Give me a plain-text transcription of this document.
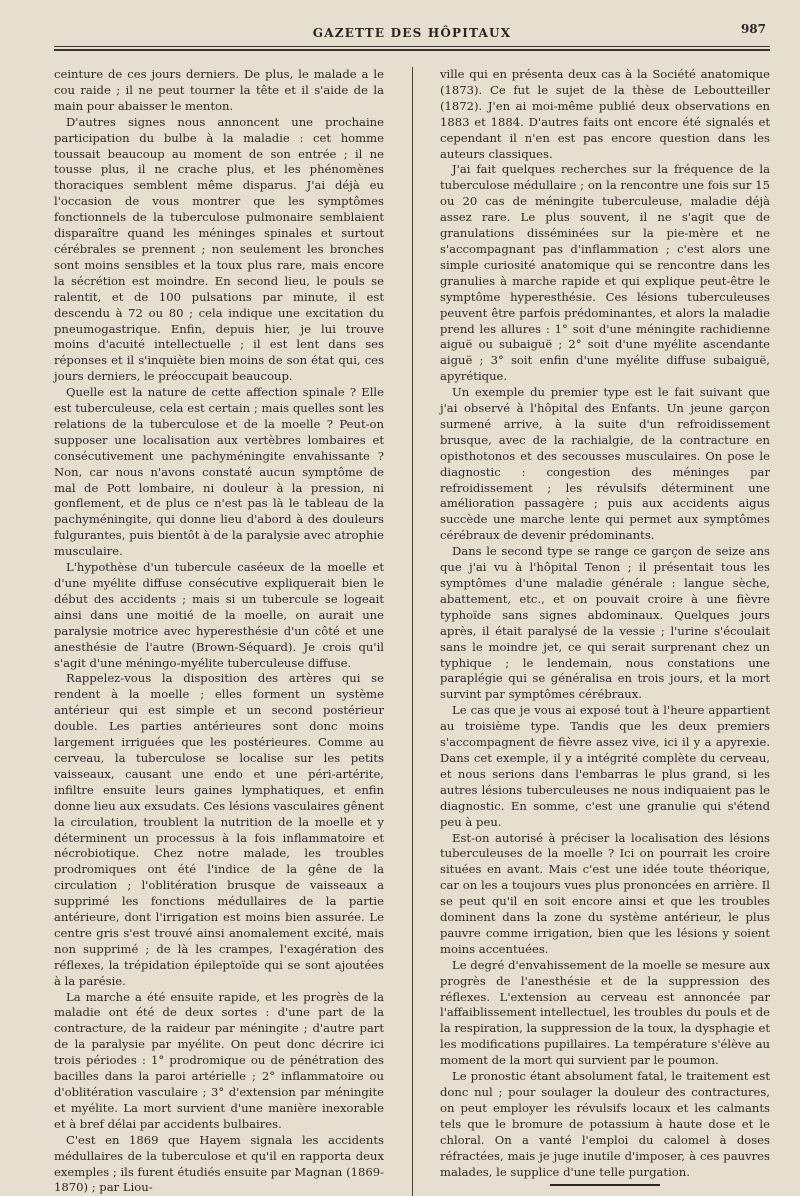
GAZETTE DES HÔPITAUX	987

ceinture de ces jours derniers. De plus, le malade a le cou raide ; il ne peut tourner la tête et il s'aide de la main pour abaisser le menton.

D'autres signes nous annoncent une prochaine participation du bulbe à la maladie : cet homme toussait beaucoup au moment de son entrée ; il ne tousse plus, il ne crache plus, et les phénomènes thoraciques semblent même disparus. J'ai déjà eu l'occasion de vous montrer que les symptômes fonctionnels de la tuberculose pulmonaire semblaient disparaître quand les méninges spinales et surtout cérébrales se prennent ; non seulement les bronches sont moins sensibles et la toux plus rare, mais encore la sécrétion est moindre. En second lieu, le pouls se ralentit, et de 100 pulsations par minute, il est descendu à 72 ou 80 ; cela indique une excitation du pneumogastrique. Enfin, depuis hier, je lui trouve moins d'acuité intellectuelle ; il est lent dans ses réponses et il s'inquiète bien moins de son état qui, ces jours derniers, le préoccupait beaucoup.

Quelle est la nature de cette affection spinale ? Elle est tuberculeuse, cela est certain ; mais quelles sont les relations de la tuberculose et de la moelle ? Peut-on supposer une localisation aux vertèbres lombaires et consécutivement une pachyméningite envahissante ? Non, car nous n'avons constaté aucun symptôme de mal de Pott lombaire, ni douleur à la pression, ni gonflement, et de plus ce n'est pas là le tableau de la pachyméningite, qui donne lieu d'abord à des douleurs fulgurantes, puis bientôt à de la paralysie avec atrophie musculaire.

L'hypothèse d'un tubercule caséeux de la moelle et d'une myélite diffuse consécutive expliquerait bien le début des accidents ; mais si un tubercule se logeait ainsi dans une moitié de la moelle, on aurait une paralysie motrice avec hyperesthésie d'un côté et une anesthésie de l'autre (Brown-Séquard). Je crois qu'il s'agit d'une méningo-myélite tuberculeuse diffuse.

Rappelez-vous la disposition des artères qui se rendent à la moelle ; elles forment un système antérieur qui est simple et un second postérieur double. Les parties antérieures sont donc moins largement irriguées que les postérieures. Comme au cerveau, la tuberculose se localise sur les petits vaisseaux, causant une endo et une péri-artérite, infiltre ensuite leurs gaines lymphatiques, et enfin donne lieu aux exsudats. Ces lésions vasculaires gênent la circulation, troublent la nutrition de la moelle et y déterminent un processus à la fois inflammatoire et nécrobiotique. Chez notre malade, les troubles prodromiques ont été l'indice de la gêne de la circulation ; l'oblitération brusque de vaisseaux a supprimé les fonctions médullaires de la partie antérieure, dont l'irrigation est moins bien assurée. Le centre gris s'est trouvé ainsi anomalement excité, mais non supprimé ; de là les crampes, l'exagération des réflexes, la trépidation épileptoïde qui se sont ajoutées à la parésie.

La marche a été ensuite rapide, et les progrès de la maladie ont été de deux sortes : d'une part de la contracture, de la raideur par méningite ; d'autre part de la paralysie par myélite. On peut donc décrire ici trois périodes : 1° prodromique ou de pénétration des bacilles dans la paroi artérielle ; 2° inflammatoire ou d'oblitération vasculaire ; 3° d'extension par méningite et myélite. La mort survient d'une manière inexorable et à bref délai par accidents bulbaires.

C'est en 1869 que Hayem signala les accidents médullaires de la tuberculose et qu'il en rapporta deux exemples ; ils furent étudiés ensuite par Magnan (1869-1870) ; par Liou-

ville qui en présenta deux cas à la Société anatomique (1873). Ce fut le sujet de la thèse de Leboutteiller (1872). J'en ai moi-même publié deux observations en 1883 et 1884. D'autres faits ont encore été signalés et cependant il n'en est pas encore question dans les auteurs classiques.

J'ai fait quelques recherches sur la fréquence de la tuberculose médullaire ; on la rencontre une fois sur 15 ou 20 cas de méningite tuberculeuse, maladie déjà assez rare. Le plus souvent, il ne s'agit que de granulations disséminées sur la pie-mère et ne s'accompagnant pas d'inflammation ; c'est alors une simple curiosité anatomique qui se rencontre dans les granulies à marche rapide et qui explique peut-être le symptôme hyperesthésie. Ces lésions tuberculeuses peuvent être parfois prédominantes, et alors la maladie prend les allures : 1° soit d'une méningite rachidienne aiguë ou subaiguë ; 2° soit d'une myélite ascendante aiguë ; 3° soit enfin d'une myélite diffuse subaiguë, apyrétique.

Un exemple du premier type est le fait suivant que j'ai observé à l'hôpital des Enfants. Un jeune garçon surmené arrive, à la suite d'un refroidissement brusque, avec de la rachialgie, de la contracture en opisthotonos et des secousses musculaires. On pose le diagnostic : congestion des méninges par refroidissement ; les révulsifs déterminent une amélioration passagère ; puis aux accidents aigus succède une marche lente qui permet aux symptômes cérébraux de devenir prédominants.

Dans le second type se range ce garçon de seize ans que j'ai vu à l'hôpital Tenon ; il présentait tous les symptômes d'une maladie générale : langue sèche, abattement, etc., et on pouvait croire à une fièvre typhoïde sans signes abdominaux. Quelques jours après, il était paralysé de la vessie ; l'urine s'écoulait sans le moindre jet, ce qui serait surprenant chez un typhique ; le lendemain, nous constations une paraplégie qui se généralisa en trois jours, et la mort survint par symptômes cérébraux.

Le cas que je vous ai exposé tout à l'heure appartient au troisième type. Tandis que les deux premiers s'accompagnent de fièvre assez vive, ici il y a apyrexie. Dans cet exemple, il y a intégrité complète du cerveau, et nous serions dans l'embarras le plus grand, si les autres lésions tuberculeuses ne nous indiquaient pas le diagnostic. En somme, c'est une granulie qui s'étend peu à peu.

Est-on autorisé à préciser la localisation des lésions tuberculeuses de la moelle ? Ici on pourrait les croire situées en avant. Mais c'est une idée toute théorique, car on les a toujours vues plus prononcées en arrière. Il se peut qu'il en soit encore ainsi et que les troubles dominent dans la zone du système antérieur, le plus pauvre comme irrigation, bien que les lésions y soient moins accentuées.

Le degré d'envahissement de la moelle se mesure aux progrès de l'anesthésie et de la suppression des réflexes. L'extension au cerveau est annoncée par l'affaiblissement intellectuel, les troubles du pouls et de la respiration, la suppression de la toux, la dysphagie et les modifications pupillaires. La température s'élève au moment de la mort qui survient par le poumon.

Le pronostic étant absolument fatal, le traitement est donc nul ; pour soulager la douleur des contractures, on peut employer les révulsifs locaux et les calmants tels que le bromure de potassium à haute dose et le chloral. On a vanté l'emploi du calomel à doses réfractées, mais je juge inutile d'imposer, à ces pauvres malades, le supplice d'une telle purgation.
